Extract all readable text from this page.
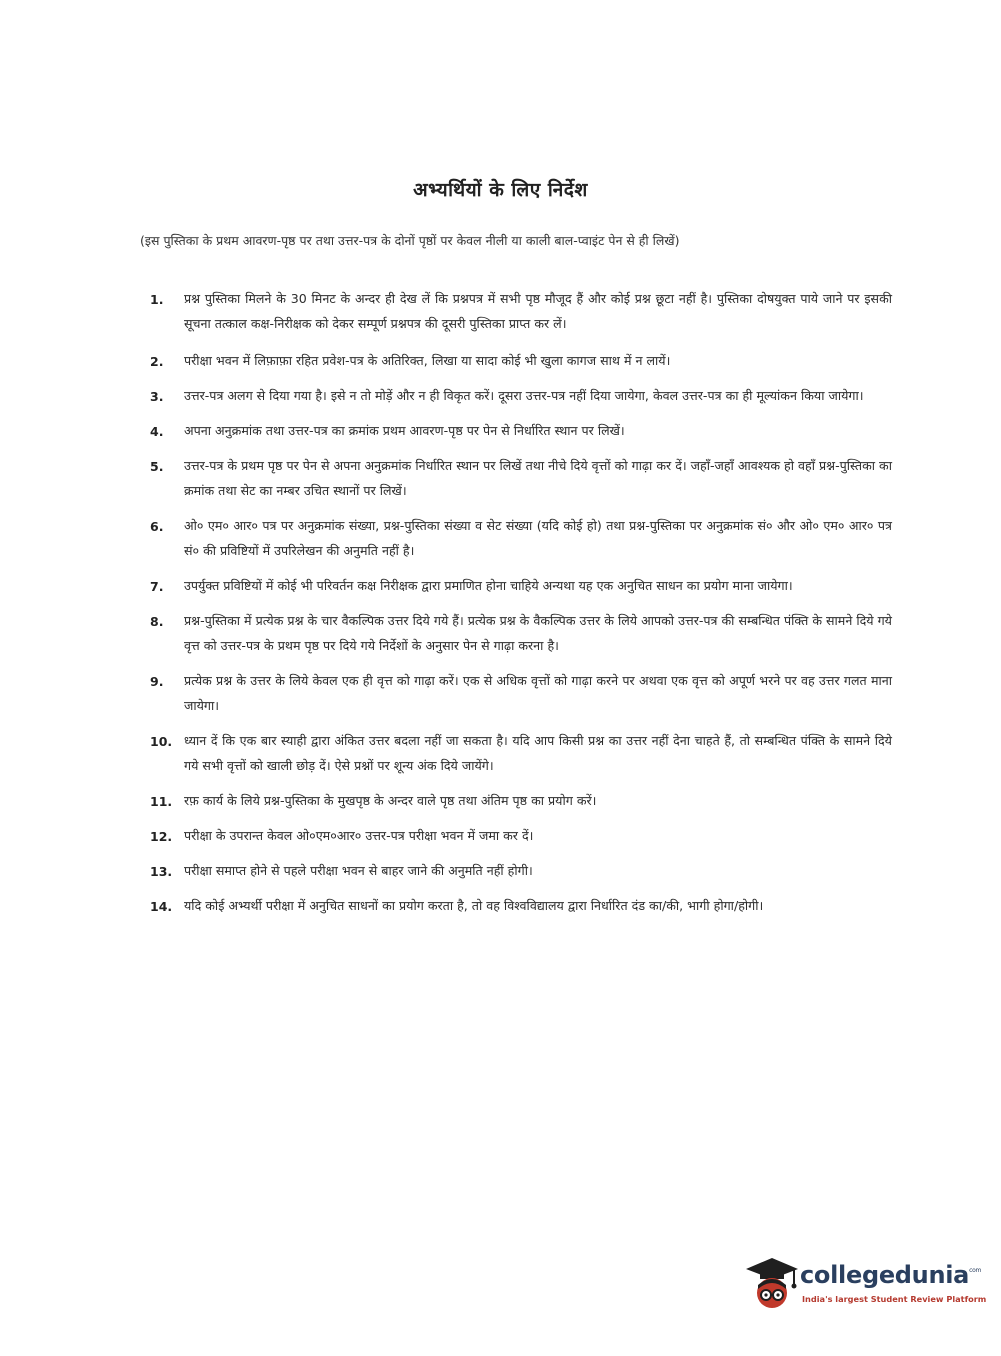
अभ्यर्थियों के लिए निर्देश
(इस पुस्तिका के प्रथम आवरण-पृष्ठ पर तथा उत्तर-पत्र के दोनों पृष्ठों पर केवल नीली या काली बाल-प्वाइंट पेन से ही लिखें)
1. प्रश्न पुस्तिका मिलने के 30 मिनट के अन्दर ही देख लें कि प्रश्नपत्र में सभी पृष्ठ मौजूद हैं और कोई प्रश्न छूटा नहीं है। पुस्तिका दोषयुक्त पाये जाने पर इसकी सूचना तत्काल कक्ष-निरीक्षक को देकर सम्पूर्ण प्रश्नपत्र की दूसरी पुस्तिका प्राप्त कर लें।
2. परीक्षा भवन में लिफ़ाफ़ा रहित प्रवेश-पत्र के अतिरिक्त, लिखा या सादा कोई भी खुला कागज साथ में न लायें।
3. उत्तर-पत्र अलग से दिया गया है। इसे न तो मोड़ें और न ही विकृत करें। दूसरा उत्तर-पत्र नहीं दिया जायेगा, केवल उत्तर-पत्र का ही मूल्यांकन किया जायेगा।
4. अपना अनुक्रमांक तथा उत्तर-पत्र का क्रमांक प्रथम आवरण-पृष्ठ पर पेन से निर्धारित स्थान पर लिखें।
5. उत्तर-पत्र के प्रथम पृष्ठ पर पेन से अपना अनुक्रमांक निर्धारित स्थान पर लिखें तथा नीचे दिये वृत्तों को गाढ़ा कर दें। जहाँ-जहाँ आवश्यक हो वहाँ प्रश्न-पुस्तिका का क्रमांक तथा सेट का नम्बर उचित स्थानों पर लिखें।
6. ओ० एम० आर० पत्र पर अनुक्रमांक संख्या, प्रश्न-पुस्तिका संख्या व सेट संख्या (यदि कोई हो) तथा प्रश्न-पुस्तिका पर अनुक्रमांक सं० और ओ० एम० आर० पत्र सं० की प्रविष्टियों में उपरिलेखन की अनुमति नहीं है।
7. उपर्युक्त प्रविष्टियों में कोई भी परिवर्तन कक्ष निरीक्षक द्वारा प्रमाणित होना चाहिये अन्यथा यह एक अनुचित साधन का प्रयोग माना जायेगा।
8. प्रश्न-पुस्तिका में प्रत्येक प्रश्न के चार वैकल्पिक उत्तर दिये गये हैं। प्रत्येक प्रश्न के वैकल्पिक उत्तर के लिये आपको उत्तर-पत्र की सम्बन्धित पंक्ति के सामने दिये गये वृत्त को उत्तर-पत्र के प्रथम पृष्ठ पर दिये गये निर्देशों के अनुसार पेन से गाढ़ा करना है।
9. प्रत्येक प्रश्न के उत्तर के लिये केवल एक ही वृत्त को गाढ़ा करें। एक से अधिक वृत्तों को गाढ़ा करने पर अथवा एक वृत्त को अपूर्ण भरने पर वह उत्तर गलत माना जायेगा।
10. ध्यान दें कि एक बार स्याही द्वारा अंकित उत्तर बदला नहीं जा सकता है। यदि आप किसी प्रश्न का उत्तर नहीं देना चाहते हैं, तो सम्बन्धित पंक्ति के सामने दिये गये सभी वृत्तों को खाली छोड़ दें। ऐसे प्रश्नों पर शून्य अंक दिये जायेंगे।
11. रफ़ कार्य के लिये प्रश्न-पुस्तिका के मुखपृष्ठ के अन्दर वाले पृष्ठ तथा अंतिम पृष्ठ का प्रयोग करें।
12. परीक्षा के उपरान्त केवल ओ०एम०आर० उत्तर-पत्र परीक्षा भवन में जमा कर दें।
13. परीक्षा समाप्त होने से पहले परीक्षा भवन से बाहर जाने की अनुमति नहीं होगी।
14. यदि कोई अभ्यर्थी परीक्षा में अनुचित साधनों का प्रयोग करता है, तो वह विश्वविद्यालय द्वारा निर्धारित दंड का/की, भागी होगा/होगी।
collegedunia$^{com}$
India's largest Student Review Platform
